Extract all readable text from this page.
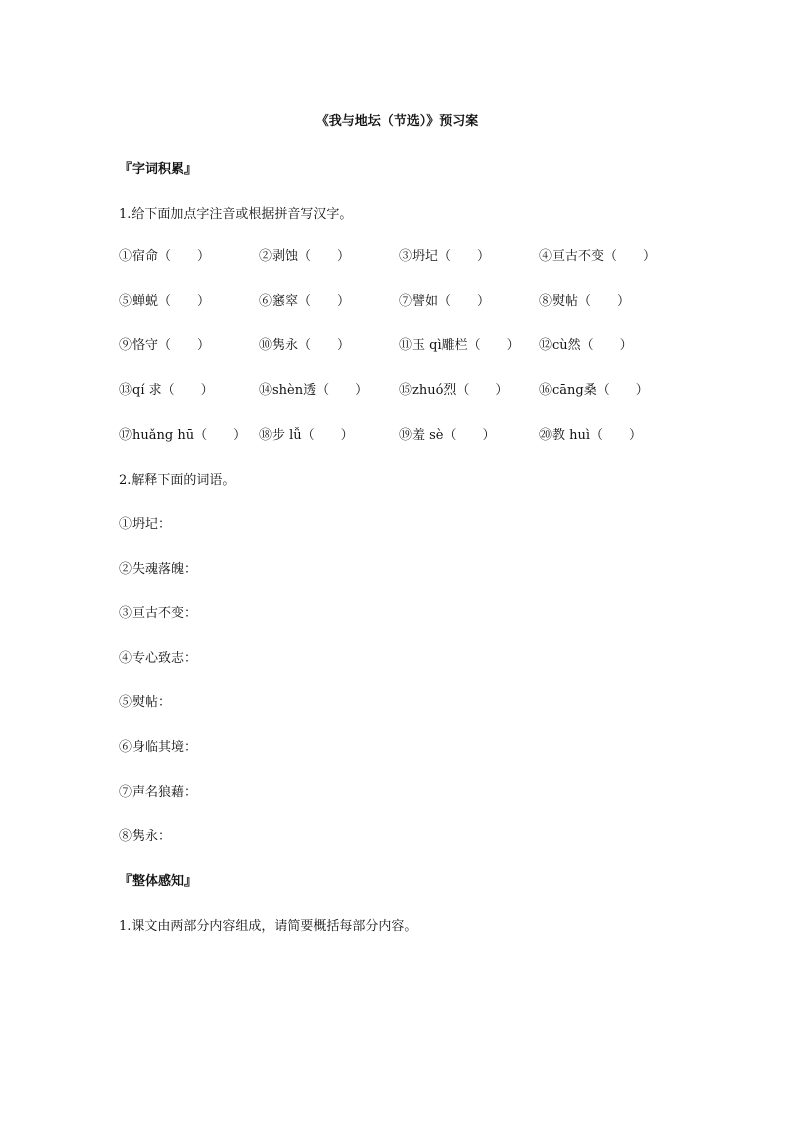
《我与地坛（节选）》预习案
『字词积累』
1.给下面加点字注音或根据拼音写汉字。
①宿命（　　）	②剥蚀（　　）	③坍圮（　　）	④亘古不变（　　）
⑤蝉蜕（　　）	⑥窸窣（　　）	⑦譬如（　　）	⑧熨帖（　　）
⑨恪守（　　）	⑩隽永（　　）	⑪玉 qì雕栏（　　） ⑫cù然（　　）
⑬qí 求（　　）	⑭shèn透（　　） ⑮zhuó烈（　　） ⑯cāng桑（　　）
⑰huǎng hū（　　） ⑱步 lǚ（　　）	⑲羞 sè（　　）	⑳教 huì（　　）
2.解释下面的词语。
①坍圮：
②失魂落魄：
③亘古不变：
④专心致志：
⑤熨帖：
⑥身临其境：
⑦声名狼藉：
⑧隽永：
『整体感知』
1.课文由两部分内容组成，请简要概括每部分内容。
